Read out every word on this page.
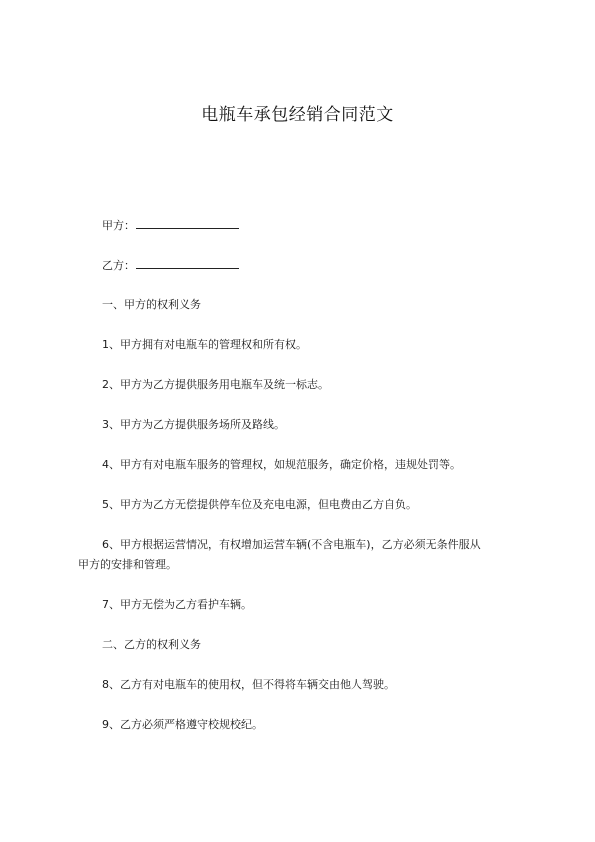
电瓶车承包经销合同范文
甲方：
乙方：
一、甲方的权利义务
1、甲方拥有对电瓶车的管理权和所有权。
2、甲方为乙方提供服务用电瓶车及统一标志。
3、甲方为乙方提供服务场所及路线。
4、甲方有对电瓶车服务的管理权，如规范服务，确定价格，违规处罚等。
5、甲方为乙方无偿提供停车位及充电电源，但电费由乙方自负。
6、甲方根据运营情况，有权增加运营车辆(不含电瓶车)，乙方必须无条件服从
甲方的安排和管理。
7、甲方无偿为乙方看护车辆。
二、乙方的权利义务
8、乙方有对电瓶车的使用权，但不得将车辆交由他人驾驶。
9、乙方必须严格遵守校规校纪。
